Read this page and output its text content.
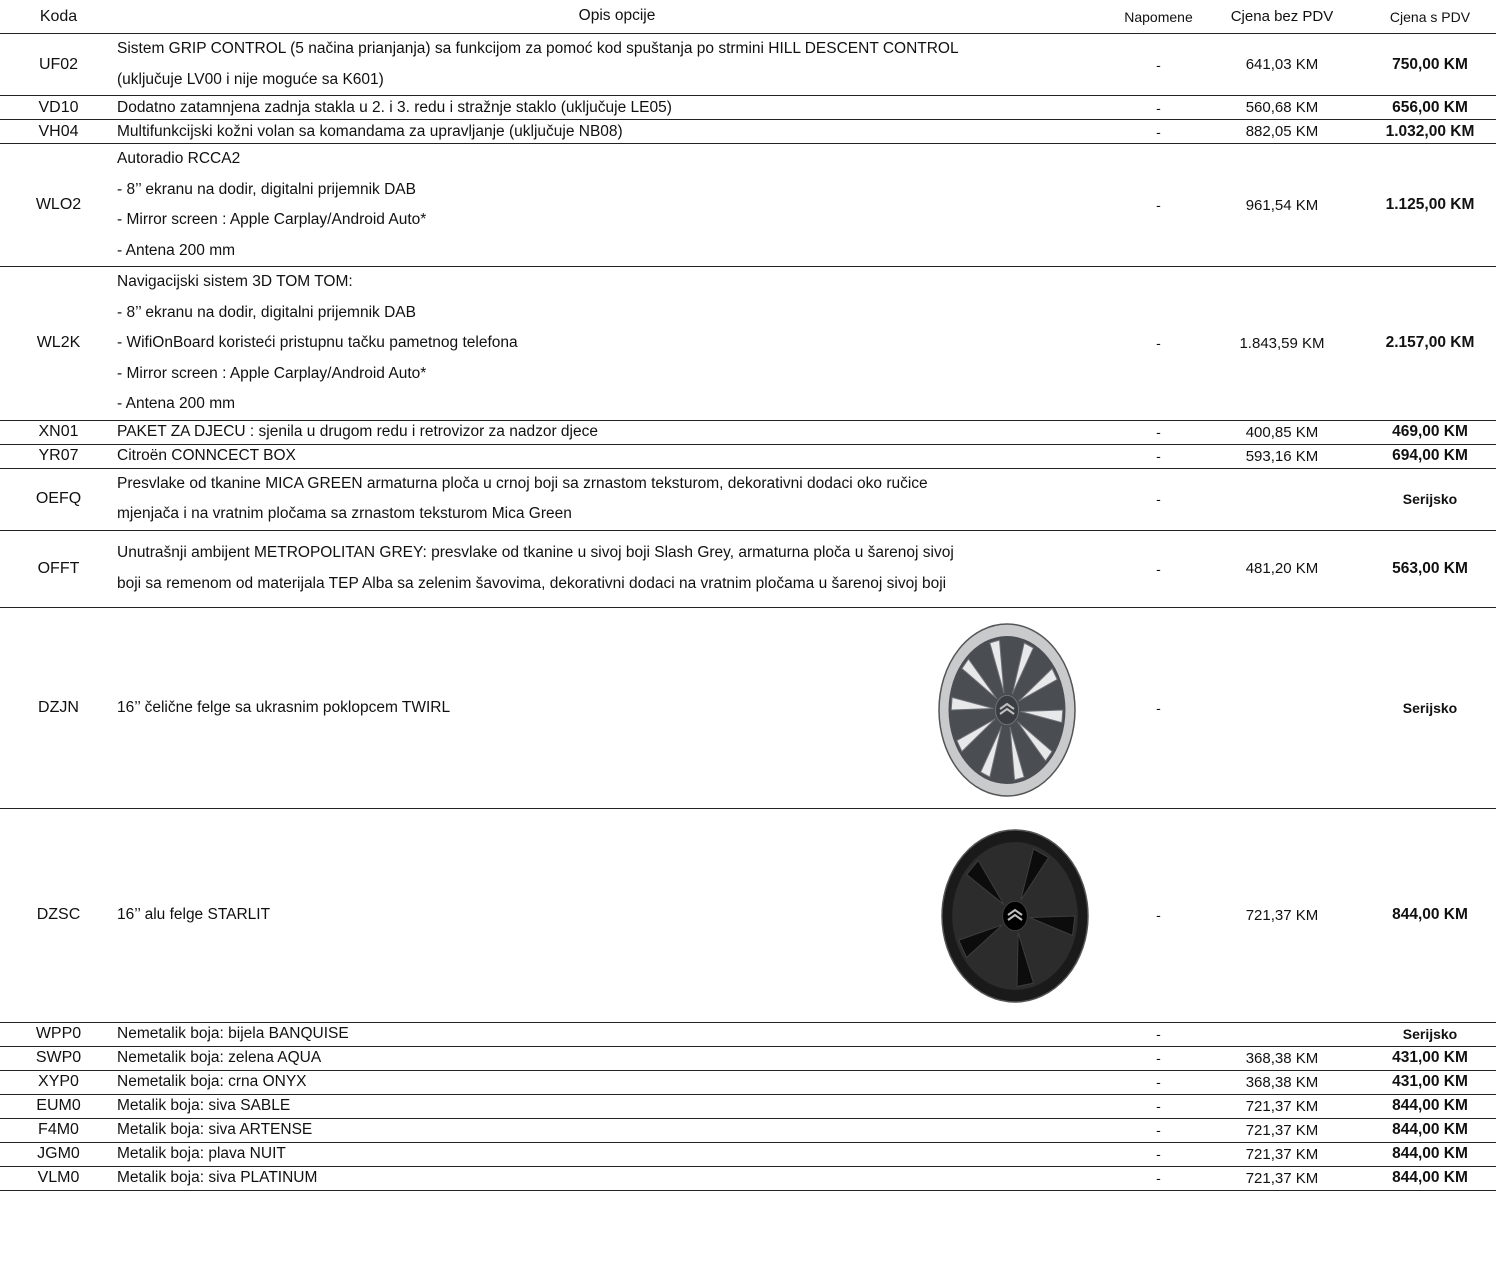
Koda	Opis opcije	Napomene	Cjena bez PDV	Cjena s PDV
UF02	Sistem GRIP CONTROL (5 načina prianjanja) sa funkcijom za pomoć kod spuštanja po strmini HILL DESCENT CONTROL
(uključuje LV00 i nije moguće sa K601)	-	641,03 KM	750,00 KM
VD10	Dodatno zatamnjena zadnja stakla u 2. i 3. redu i stražnje staklo (uključuje LE05)	-	560,68 KM	656,00 KM
VH04	Multifunkcijski kožni volan sa komandama za upravljanje (uključuje NB08)	-	882,05 KM	1.032,00 KM
WLO2	Autoradio RCCA2
- 8’’ ekranu na dodir, digitalni prijemnik DAB
- Mirror screen : Apple Carplay/Android Auto*
- Antena 200 mm	-	961,54 KM	1.125,00 KM
WL2K	Navigacijski sistem 3D TOM TOM:
- 8’’ ekranu na dodir, digitalni prijemnik DAB
- WifiOnBoard koristeći pristupnu tačku pametnog telefona
- Mirror screen : Apple Carplay/Android Auto*
- Antena 200 mm	-	1.843,59 KM	2.157,00 KM
XN01	PAKET ZA DJECU : sjenila u drugom redu i retrovizor za nadzor djece	-	400,85 KM	469,00 KM
YR07	Citroën CONNCECT BOX	-	593,16 KM	694,00 KM
OEFQ	Presvlake od tkanine MICA GREEN armaturna ploča u crnoj boji sa zrnastom teksturom, dekorativni dodaci oko ručice
mjenjača i na vratnim pločama sa zrnastom teksturom Mica Green	-		Serijsko
OFFT	Unutrašnji ambijent METROPOLITAN GREY: presvlake od tkanine u sivoj boji Slash Grey, armaturna ploča u šarenoj sivoj
boji sa remenom od materijala TEP Alba sa zelenim šavovima, dekorativni dodaci na vratnim pločama u šarenoj sivoj boji	-	481,20 KM	563,00 KM
DZJN	16’’ čelične felge sa ukrasnim poklopcem TWIRL	-		Serijsko
DZSC	16’’ alu felge STARLIT	-	721,37 KM	844,00 KM
WPP0	Nemetalik boja: bijela BANQUISE	-		Serijsko
SWP0	Nemetalik boja: zelena AQUA	-	368,38 KM	431,00 KM
XYP0	Nemetalik boja: crna ONYX	-	368,38 KM	431,00 KM
EUM0	Metalik boja: siva SABLE	-	721,37 KM	844,00 KM
F4M0	Metalik boja: siva ARTENSE	-	721,37 KM	844,00 KM
JGM0	Metalik boja: plava NUIT	-	721,37 KM	844,00 KM
VLM0	Metalik boja: siva PLATINUM	-	721,37 KM	844,00 KM
